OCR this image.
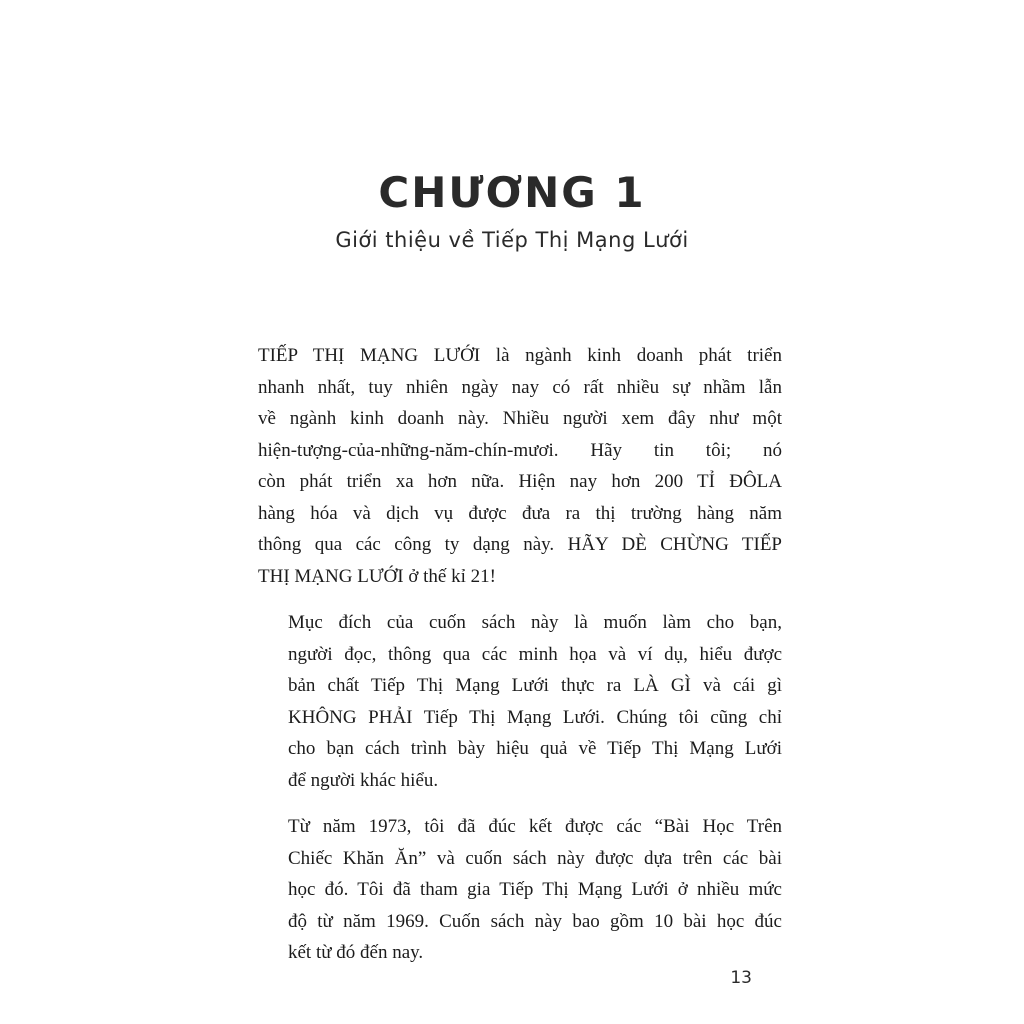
CHƯƠNG 1
Giới thiệu về Tiếp Thị Mạng Lưới

TIẾP THỊ MẠNG LƯỚI là ngành kinh doanh phát triển
nhanh nhất, tuy nhiên ngày nay có rất nhiều sự nhầm lẫn
về ngành kinh doanh này. Nhiều người xem đây như một
hiện-tượng-của-những-năm-chín-mươi. Hãy tin tôi; nó
còn phát triển xa hơn nữa. Hiện nay hơn 200 TỈ ĐÔLA
hàng hóa và dịch vụ được đưa ra thị trường hàng năm
thông qua các công ty dạng này. HÃY DÈ CHỪNG TIẾP
THỊ MẠNG LƯỚI ở thế kỉ 21!

Mục đích của cuốn sách này là muốn làm cho bạn,
người đọc, thông qua các minh họa và ví dụ, hiểu được
bản chất Tiếp Thị Mạng Lưới thực ra LÀ GÌ và cái gì
KHÔNG PHẢI Tiếp Thị Mạng Lưới. Chúng tôi cũng chỉ
cho bạn cách trình bày hiệu quả về Tiếp Thị Mạng Lưới
để người khác hiểu.

Từ năm 1973, tôi đã đúc kết được các “Bài Học Trên
Chiếc Khăn Ăn” và cuốn sách này được dựa trên các bài
học đó. Tôi đã tham gia Tiếp Thị Mạng Lưới ở nhiều mức
độ từ năm 1969. Cuốn sách này bao gồm 10 bài học đúc
kết từ đó đến nay.

13
